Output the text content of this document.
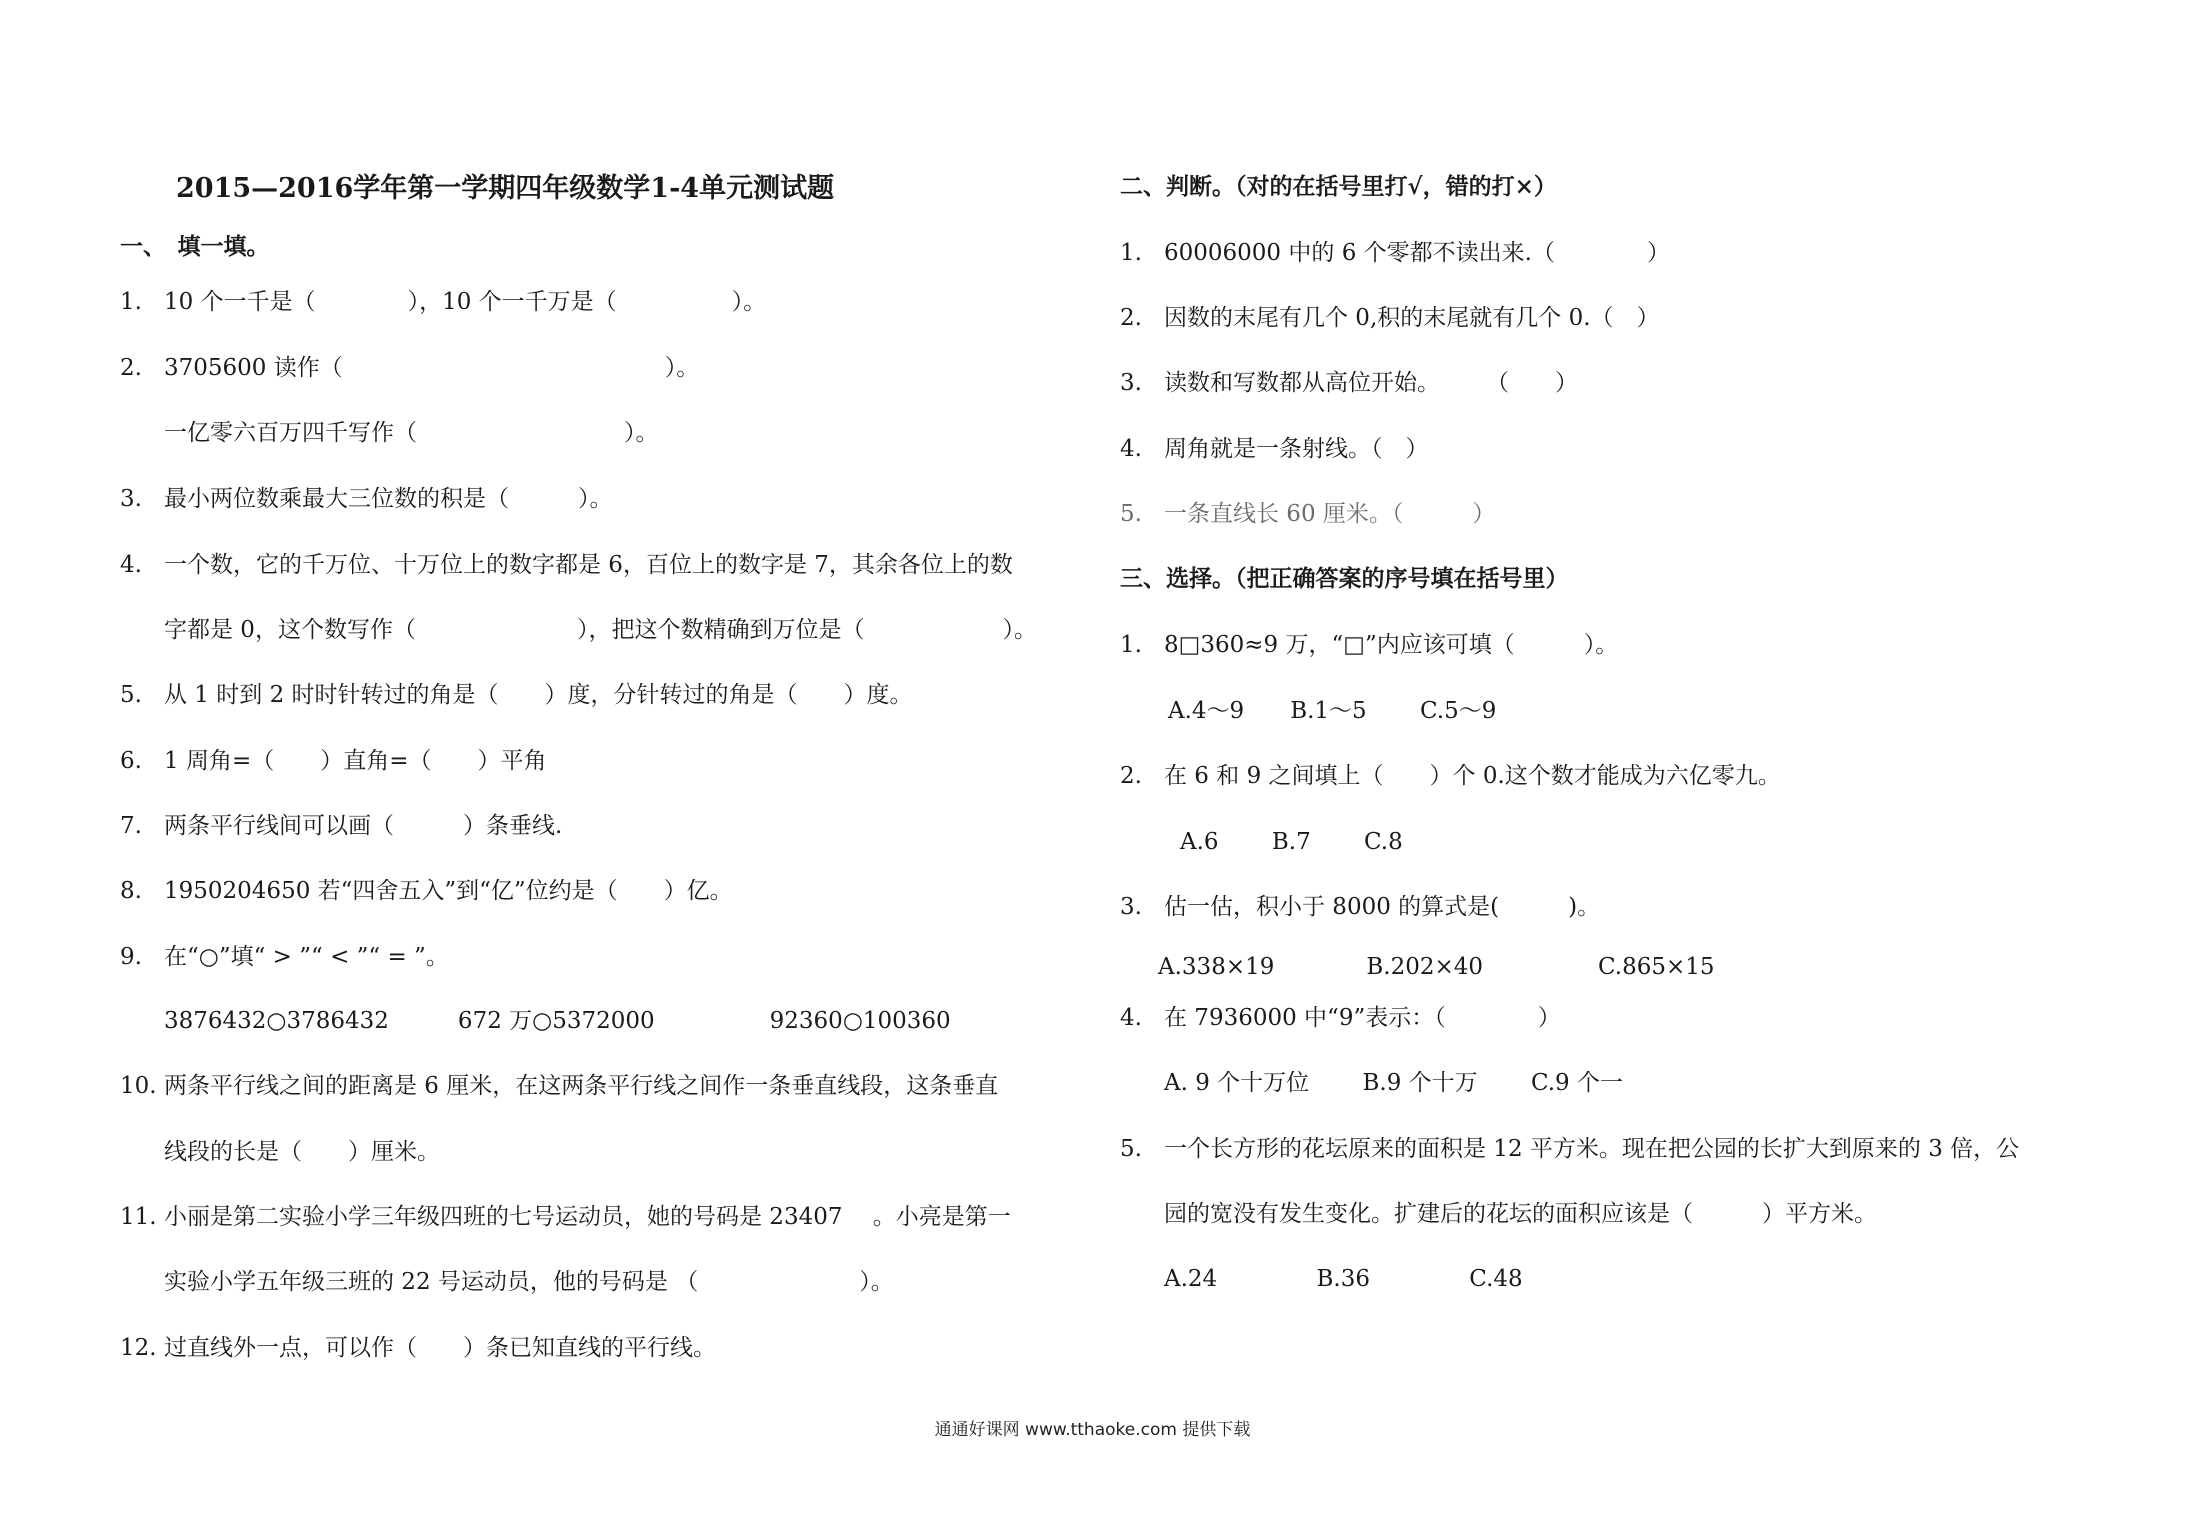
2015—2016学年第一学期四年级数学1-4单元测试题
一、　填一填。
1. 10 个一千是（　　　　），10 个一千万是（　　　　　）。
2. 3705600 读作（　　　　　　　　　　　　　　）。
一亿零六百万四千写作（　　　　　　　　　）。
3. 最小两位数乘最大三位数的积是（　　　）。
4. 一个数，它的千万位、十万位上的数字都是 6，百位上的数字是 7，其余各位上的数
字都是 0，这个数写作（　　　　　　　），把这个数精确到万位是（　　　　　　）。
5. 从 1 时到 2 时时针转过的角是（　　）度，分针转过的角是（　　）度。
6. 1 周角=（　　）直角=（　　）平角
7. 两条平行线间可以画（　　　）条垂线.
8. 1950204650 若“四舍五入”到“亿”位约是（　　）亿。
9. 在“○”填“ > ”“ < ”“ = ”。
3876432○3786432　　　672 万○5372000　　　　　92360○100360
10. 两条平行线之间的距离是 6 厘米，在这两条平行线之间作一条垂直线段，这条垂直
线段的长是（　　）厘米。
11. 小丽是第二实验小学三年级四班的七号运动员，她的号码是 23407　 。小亮是第一
实验小学五年级三班的 22 号运动员，他的号码是 （　　　　　　　）。
12. 过直线外一点，可以作（　　）条已知直线的平行线。
二、判断。（对的在括号里打√，错的打×）
1. 60006000 中的 6 个零都不读出来.（　　　　）
2. 因数的末尾有几个 0,积的末尾就有几个 0.（　）
3. 读数和写数都从高位开始。　　　（　　）
4. 周角就是一条射线。（　）
5. 一条直线长 60 厘米。（　　　）
三、选择。（把正确答案的序号填在括号里）
1. 8□360≈9 万，“□”内应该可填（　　　）。
A.4～9　　B.1～5　　 C.5～9
2. 在 6 和 9 之间填上（　　）个 0.这个数才能成为六亿零九。
A.6　　 B.7　　 C.8
3. 估一估，积小于 8000 的算式是(　　　)。
A.338×19　　　　B.202×40　　　　　C.865×15
4. 在 7936000 中“9”表示：（　　　　）
A. 9 个十万位　　 B.9 个十万　　 C.9 个一
5. 一个长方形的花坛原来的面积是 12 平方米。现在把公园的长扩大到原来的 3 倍，公
园的宽没有发生变化。扩建后的花坛的面积应该是（　　　）平方米。
A.24　　　　 B.36　　　　 C.48
通通好课网 www.tthaoke.com 提供下载
